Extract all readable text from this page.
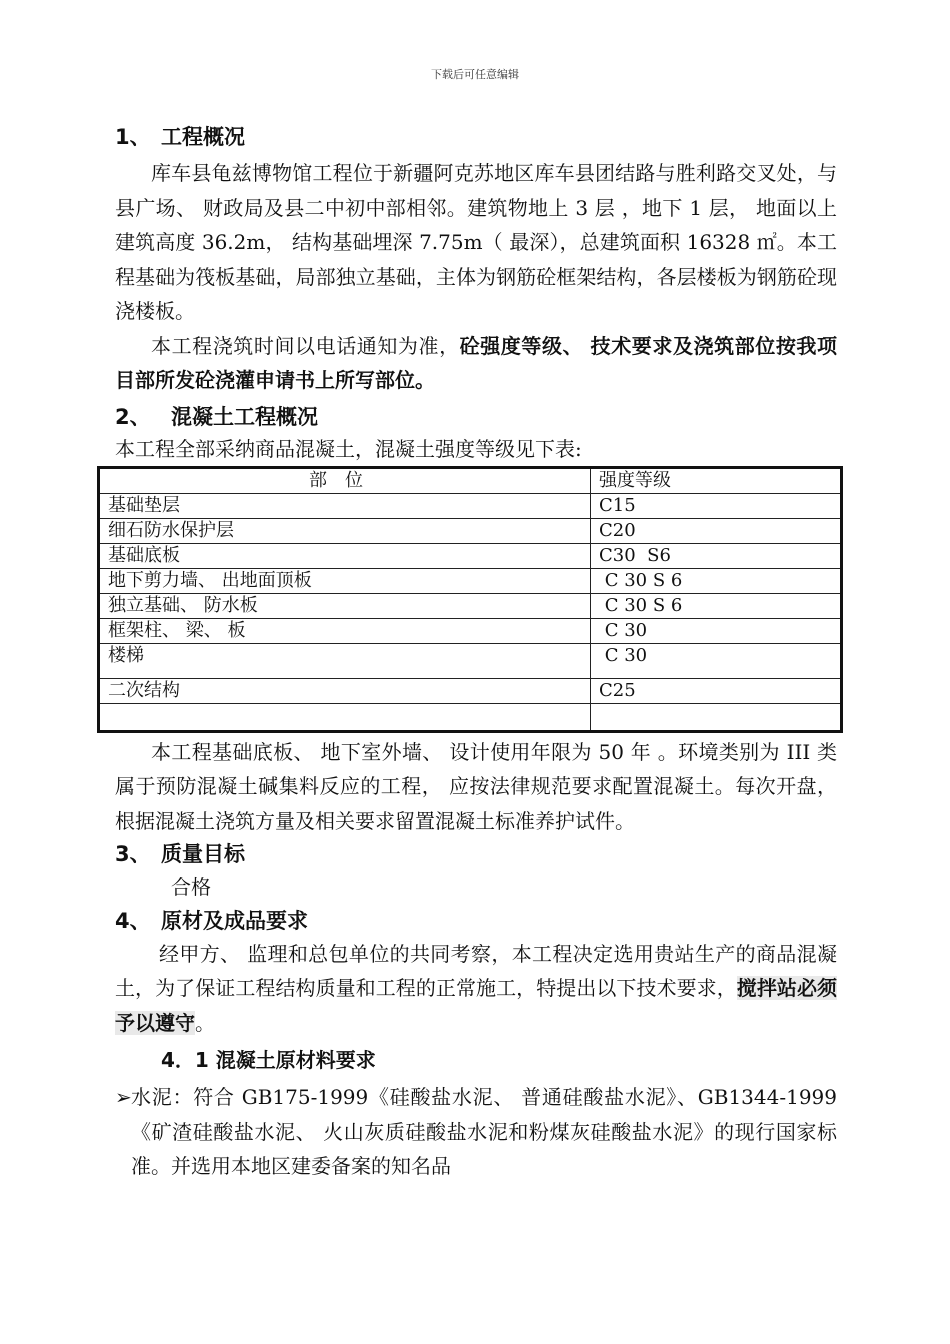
下载后可任意编辑
1、 工程概况

库车县龟兹博物馆工程位于新疆阿克苏地区库车县团结路与胜利路交叉处，与县广场、 财政局及县二中初中部相邻。建筑物地上 3 层 ，地下 1 层， 地面以上建筑高度 36.2m， 结构基础埋深 7.75m（ 最深），总建筑面积 16328 ㎡。本工程基础为筏板基础，局部独立基础，主体为钢筋砼框架结构，各层楼板为钢筋砼现浇楼板。

本工程浇筑时间以电话通知为准，砼强度等级、 技术要求及浇筑部位按我项目部所发砼浇灌申请书上所写部位。

2、 混凝土工程概况

本工程全部采纳商品混凝土，混凝土强度等级见下表:

部位	强度等级
基础垫层	C15
细石防水保护层	C20
基础底板	C30  S6
地下剪力墙、 出地面顶板	C 30 S 6
独立基础、 防水板	C 30 S 6
框架柱、 梁、 板	C 30
楼梯	C 30
二次结构	C25

本工程基础底板、 地下室外墙、 设计使用年限为 50 年 。环境类别为 III 类属于预防混凝土碱集料反应的工程， 应按法律规范要求配置混凝土。每次开盘， 根据混凝土浇筑方量及相关要求留置混凝土标准养护试件。

3、 质量目标

合格

4、 原材及成品要求

经甲方、 监理和总包单位的共同考察，本工程决定选用贵站生产的商品混凝土，为了保证工程结构质量和工程的正常施工，特提出以下技术要求，搅拌站必须予以遵守。

4．1 混凝土原材料要求
➢ 水泥：符合 GB175-1999《硅酸盐水泥、 普通硅酸盐水泥》、GB1344-1999《矿渣硅酸盐水泥、 火山灰质硅酸盐水泥和粉煤灰硅酸盐水泥》的现行国家标准。并选用本地区建委备案的知名品
